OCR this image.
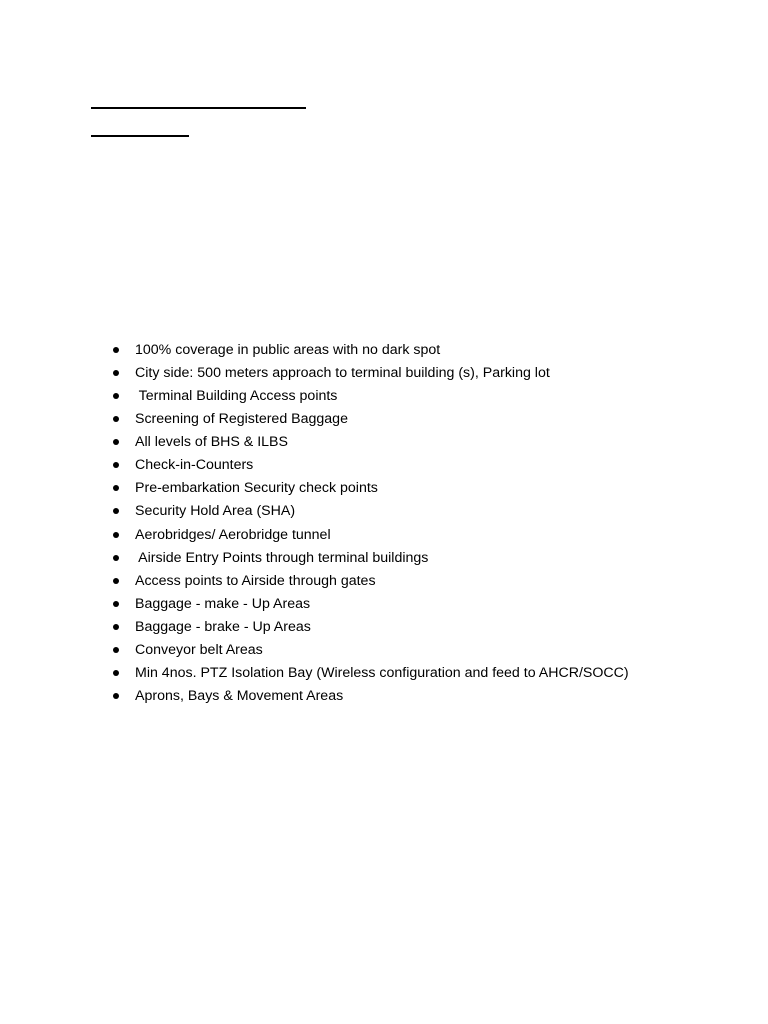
100% coverage in public areas with no dark spot
City side: 500 meters approach to terminal building (s), Parking lot
Terminal Building Access points
Screening of Registered Baggage
All levels of BHS & ILBS
Check-in-Counters
Pre-embarkation Security check points
Security Hold Area (SHA)
Aerobridges/ Aerobridge tunnel
Airside Entry Points through terminal buildings
Access points to Airside through gates
Baggage - make - Up Areas
Baggage - brake - Up Areas
Conveyor belt Areas
Min 4nos. PTZ Isolation Bay (Wireless configuration and feed to AHCR/SOCC)
Aprons, Bays & Movement Areas
